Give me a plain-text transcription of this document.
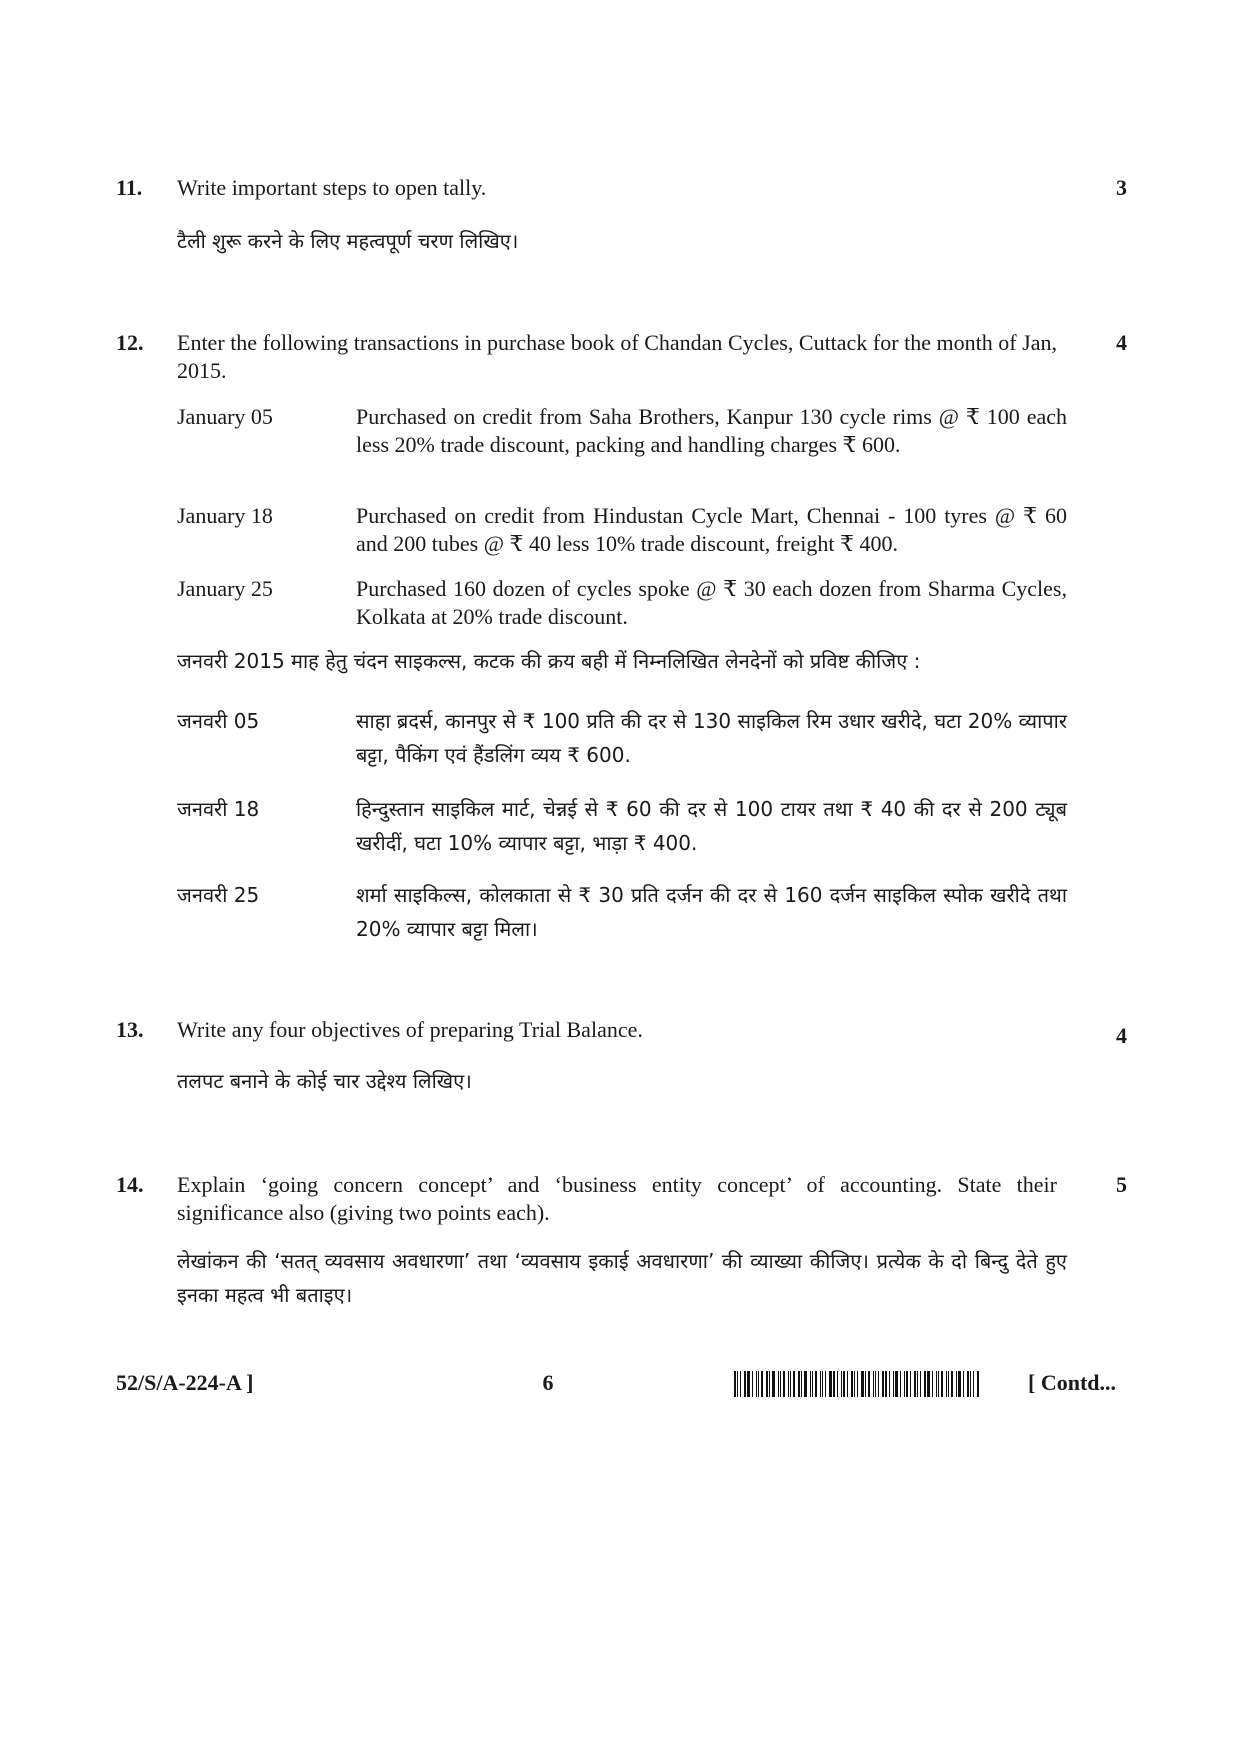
11.	Write important steps to open tally.	3
टैली शुरू करने के लिए महत्वपूर्ण चरण लिखिए।
12.	Enter the following transactions in purchase book of Chandan Cycles, Cuttack for the month of Jan, 2015.
4
January 05	Purchased on credit from Saha Brothers, Kanpur 130 cycle rims @ ₹ 100 each less 20% trade discount, packing and handling charges ₹ 600.
January 18	Purchased on credit from Hindustan Cycle Mart, Chennai - 100 tyres @ ₹ 60 and 200 tubes @ ₹ 40 less 10% trade discount, freight ₹ 400.
January 25	Purchased 160 dozen of cycles spoke @ ₹ 30 each dozen from Sharma Cycles, Kolkata at 20% trade discount.
जनवरी 2015 माह हेतु चंदन साइकल्स, कटक की क्रय बही में निम्नलिखित लेनदेनों को प्रविष्ट कीजिए :
जनवरी 05	साहा ब्रदर्स, कानपुर से ₹ 100 प्रति की दर से 130 साइकिल रिम उधार खरीदे, घटा 20% व्यापार बट्टा, पैकिंग एवं हैंडलिंग व्यय ₹ 600.
जनवरी 18	हिन्दुस्तान साइकिल मार्ट, चेन्नई से ₹ 60 की दर से 100 टायर तथा ₹ 40 की दर से 200 ट्यूब खरीदीं, घटा 10% व्यापार बट्टा, भाड़ा ₹ 400.
जनवरी 25	शर्मा साइकिल्स, कोलकाता से ₹ 30 प्रति दर्जन की दर से 160 दर्जन साइकिल स्पोक खरीदे तथा 20% व्यापार बट्टा मिला।
13.	Write any four objectives of preparing Trial Balance.	4
तलपट बनाने के कोई चार उद्देश्य लिखिए।
14.	Explain ‘going concern concept’ and ‘business entity concept’ of accounting. State their significance also (giving two points each).
5
लेखांकन की ‘सतत् व्यवसाय अवधारणा’ तथा ‘व्यवसाय इकाई अवधारणा’ की व्याख्या कीजिए। प्रत्येक के दो बिन्दु देते हुए इनका महत्व भी बताइए।
52/S/A-224-A ]	6	[ Contd...
